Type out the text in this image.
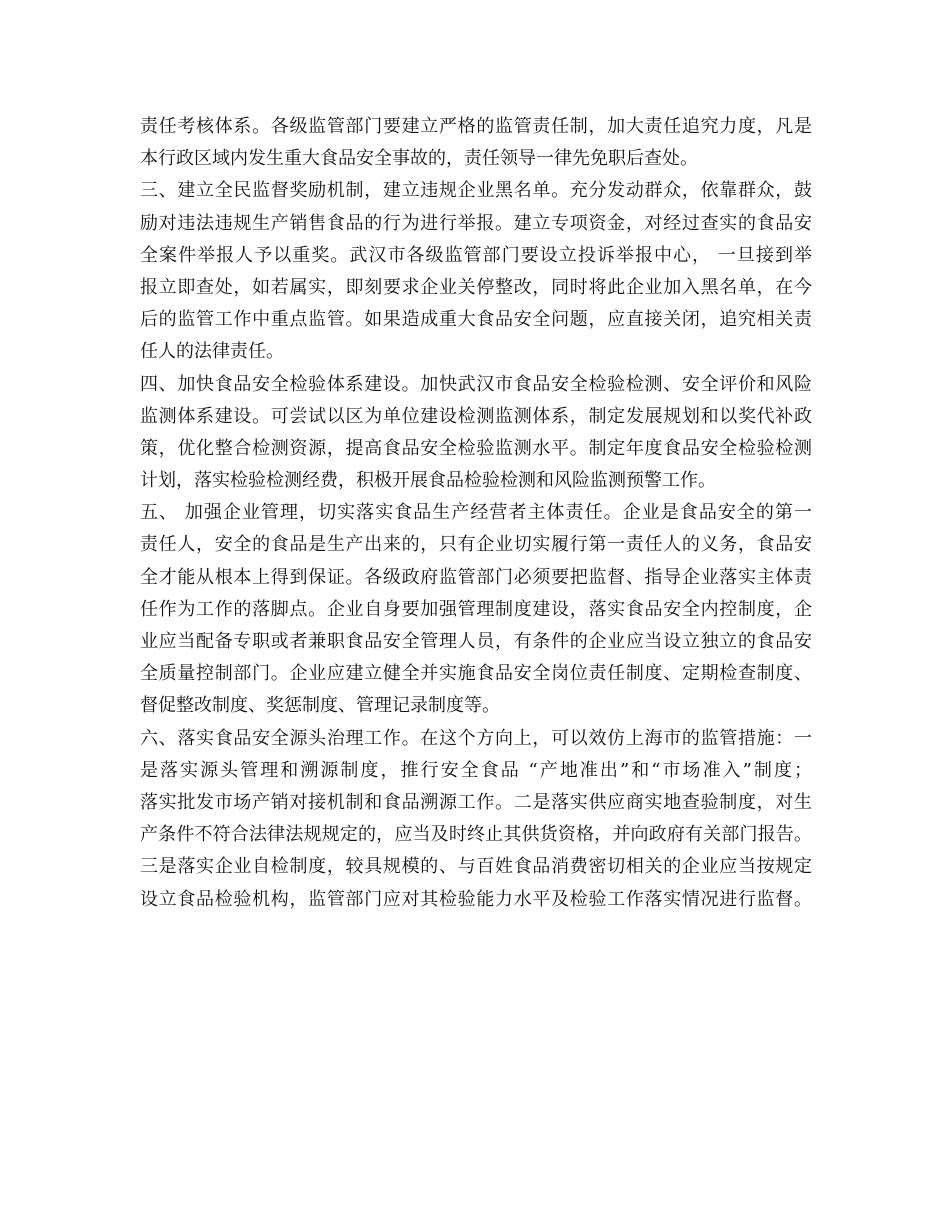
责任考核体系。各级监管部门要建立严格的监管责任制，加大责任追究力度，凡是
本行政区域内发生重大食品安全事故的，责任领导一律先免职后查处。
三、建立全民监督奖励机制，建立违规企业黑名单。充分发动群众，依靠群众，鼓
励对违法违规生产销售食品的行为进行举报。建立专项资金，对经过查实的食品安
全案件举报人予以重奖。武汉市各级监管部门要设立投诉举报中心， 一旦接到举
报立即查处，如若属实，即刻要求企业关停整改，同时将此企业加入黑名单，在今
后的监管工作中重点监管。如果造成重大食品安全问题，应直接关闭，追究相关责
任人的法律责任。
四、加快食品安全检验体系建设。加快武汉市食品安全检验检测、安全评价和风险
监测体系建设。可尝试以区为单位建设检测监测体系，制定发展规划和以奖代补政
策，优化整合检测资源，提高食品安全检验监测水平。制定年度食品安全检验检测
计划，落实检验检测经费，积极开展食品检验检测和风险监测预警工作。
五、 加强企业管理，切实落实食品生产经营者主体责任。企业是食品安全的第一
责任人，安全的食品是生产出来的，只有企业切实履行第一责任人的义务，食品安
全才能从根本上得到保证。各级政府监管部门必须要把监督、指导企业落实主体责
任作为工作的落脚点。企业自身要加强管理制度建设，落实食品安全内控制度，企
业应当配备专职或者兼职食品安全管理人员，有条件的企业应当设立独立的食品安
全质量控制部门。企业应建立健全并实施食品安全岗位责任制度、定期检查制度、
督促整改制度、奖惩制度、管理记录制度等。
六、落实食品安全源头治理工作。在这个方向上，可以效仿上海市的监管措施：一
是落实源头管理和溯源制度，推行安全食品 “产地准出”和“市场准入”制度；
落实批发市场产销对接机制和食品溯源工作。二是落实供应商实地查验制度，对生
产条件不符合法律法规规定的，应当及时终止其供货资格，并向政府有关部门报告。
三是落实企业自检制度，较具规模的、与百姓食品消费密切相关的企业应当按规定
设立食品检验机构，监管部门应对其检验能力水平及检验工作落实情况进行监督。
